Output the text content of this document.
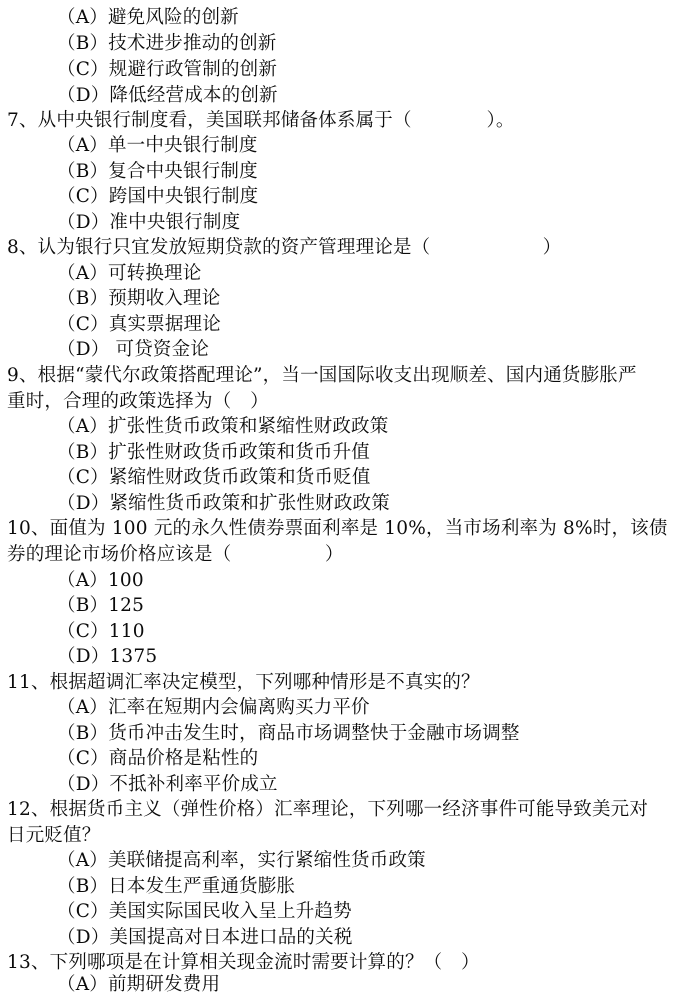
（A）避免风险的创新
（B）技术进步推动的创新
（C）规避行政管制的创新
（D）降低经营成本的创新
7、从中央银行制度看，美国联邦储备体系属于（　　　　）。
（A）单一中央银行制度
（B）复合中央银行制度
（C）跨国中央银行制度
（D）准中央银行制度
8、认为银行只宜发放短期贷款的资产管理理论是（　　　　　　）
（A）可转换理论
（B）预期收入理论
（C）真实票据理论
（D） 可贷资金论
9、根据“蒙代尔政策搭配理论”，当一国国际收支出现顺差、国内通货膨胀严
重时，合理的政策选择为（　）
（A）扩张性货币政策和紧缩性财政政策
（B）扩张性财政货币政策和货币升值
（C）紧缩性财政货币政策和货币贬值
（D）紧缩性货币政策和扩张性财政政策
10、面值为 100 元的永久性债券票面利率是 10%，当市场利率为 8%时，该债
券的理论市场价格应该是（　　　　　）
（A）100
（B）125
（C）110
（D）1375
11、根据超调汇率决定模型，下列哪种情形是不真实的？
（A）汇率在短期内会偏离购买力平价
（B）货币冲击发生时，商品市场调整快于金融市场调整
（C）商品价格是粘性的
（D）不抵补利率平价成立
12、根据货币主义（弹性价格）汇率理论，下列哪一经济事件可能导致美元对
日元贬值？
（A）美联储提高利率，实行紧缩性货币政策
（B）日本发生严重通货膨胀
（C）美国实际国民收入呈上升趋势
（D）美国提高对日本进口品的关税
13、下列哪项是在计算相关现金流时需要计算的？（　）
（A）前期研发费用
